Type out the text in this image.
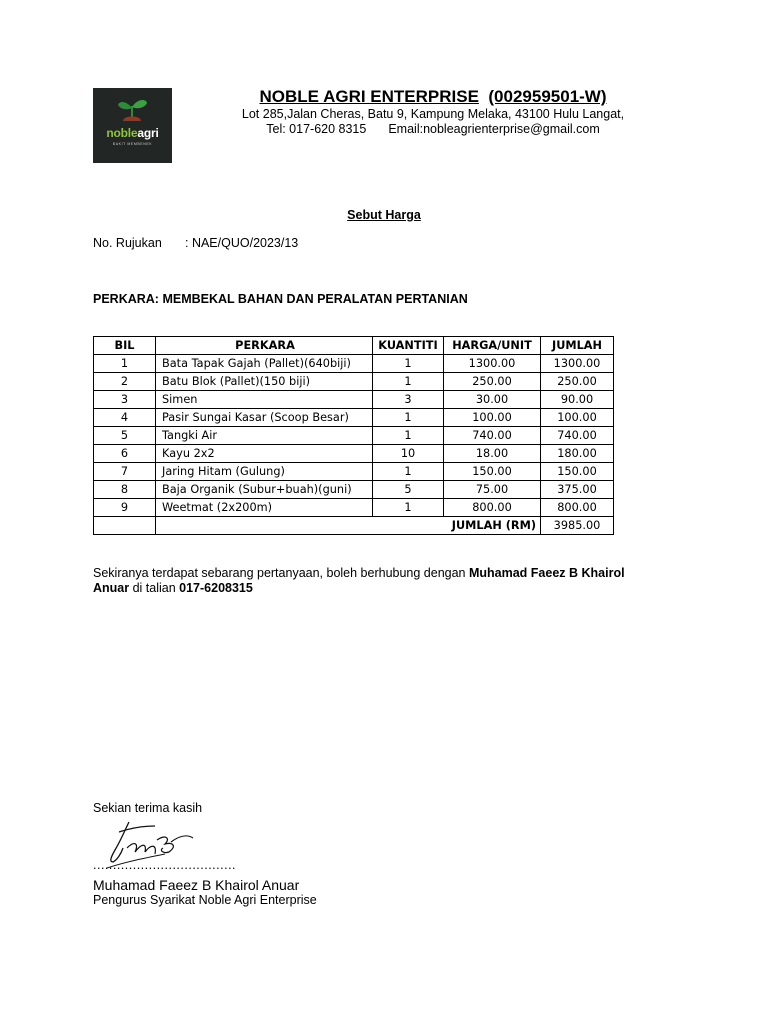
nobleagri
BAKIT MEMBENEK
NOBLE AGRI ENTERPRISE (002959501-W)
Lot 285,Jalan Cheras, Batu 9, Kampung Melaka, 43100 Hulu Langat,
Tel: 017-620 8315 Email:nobleagrienterprise@gmail.com
Sebut Harga
No. Rujukan : NAE/QUO/2023/13
PERKARA: MEMBEKAL BAHAN DAN PERALATAN PERTANIAN
BIL	PERKARA	KUANTITI	HARGA/UNIT	JUMLAH
1	Bata Tapak Gajah (Pallet)(640biji)	1	1300.00	1300.00
2	Batu Blok (Pallet)(150 biji)	1	250.00	250.00
3	Simen	3	30.00	90.00
4	Pasir Sungai Kasar (Scoop Besar)	1	100.00	100.00
5	Tangki Air	1	740.00	740.00
6	Kayu 2x2	10	18.00	180.00
7	Jaring Hitam (Gulung)	1	150.00	150.00
8	Baja Organik (Subur+buah)(guni)	5	75.00	375.00
9	Weetmat (2x200m)	1	800.00	800.00
	JUMLAH (RM)			3985.00
Sekiranya terdapat sebarang pertanyaan, boleh berhubung dengan Muhamad Faeez B Khairol Anuar di talian 017-6208315
Sekian terima kasih
....................................
Muhamad Faeez B Khairol Anuar
Pengurus Syarikat Noble Agri Enterprise
